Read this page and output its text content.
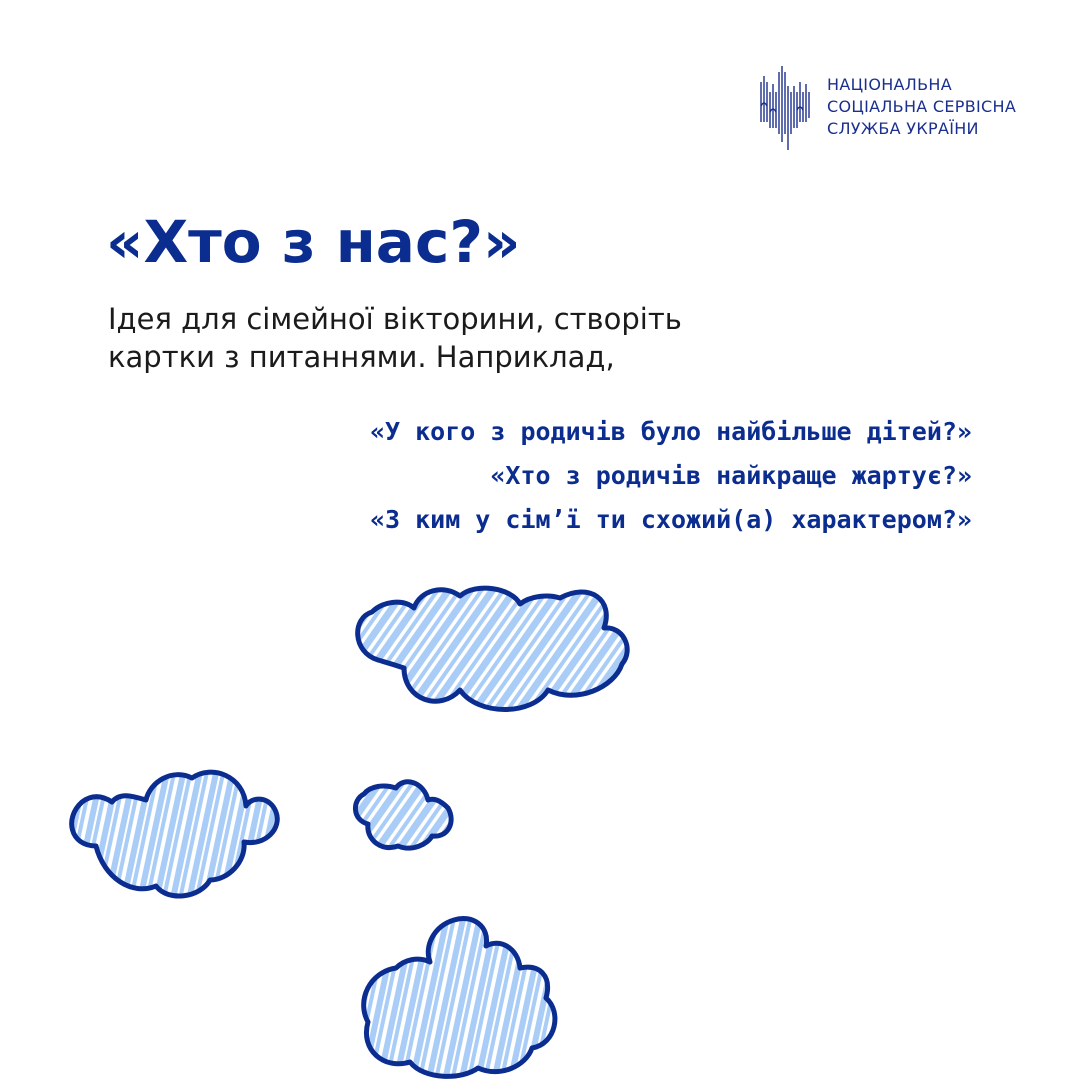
НАЦІОНАЛЬНА
СОЦІАЛЬНА СЕРВІСНА
СЛУЖБА УКРАЇНИ
«Хто з нас?»
Ідея для сімейної вікторини, створіть
картки з питаннями. Наприклад,
«У кого з родичів було найбільше дітей?»
«Хто з родичів найкраще жартує?»
«З ким у сім’ї ти схожий(а) характером?»
